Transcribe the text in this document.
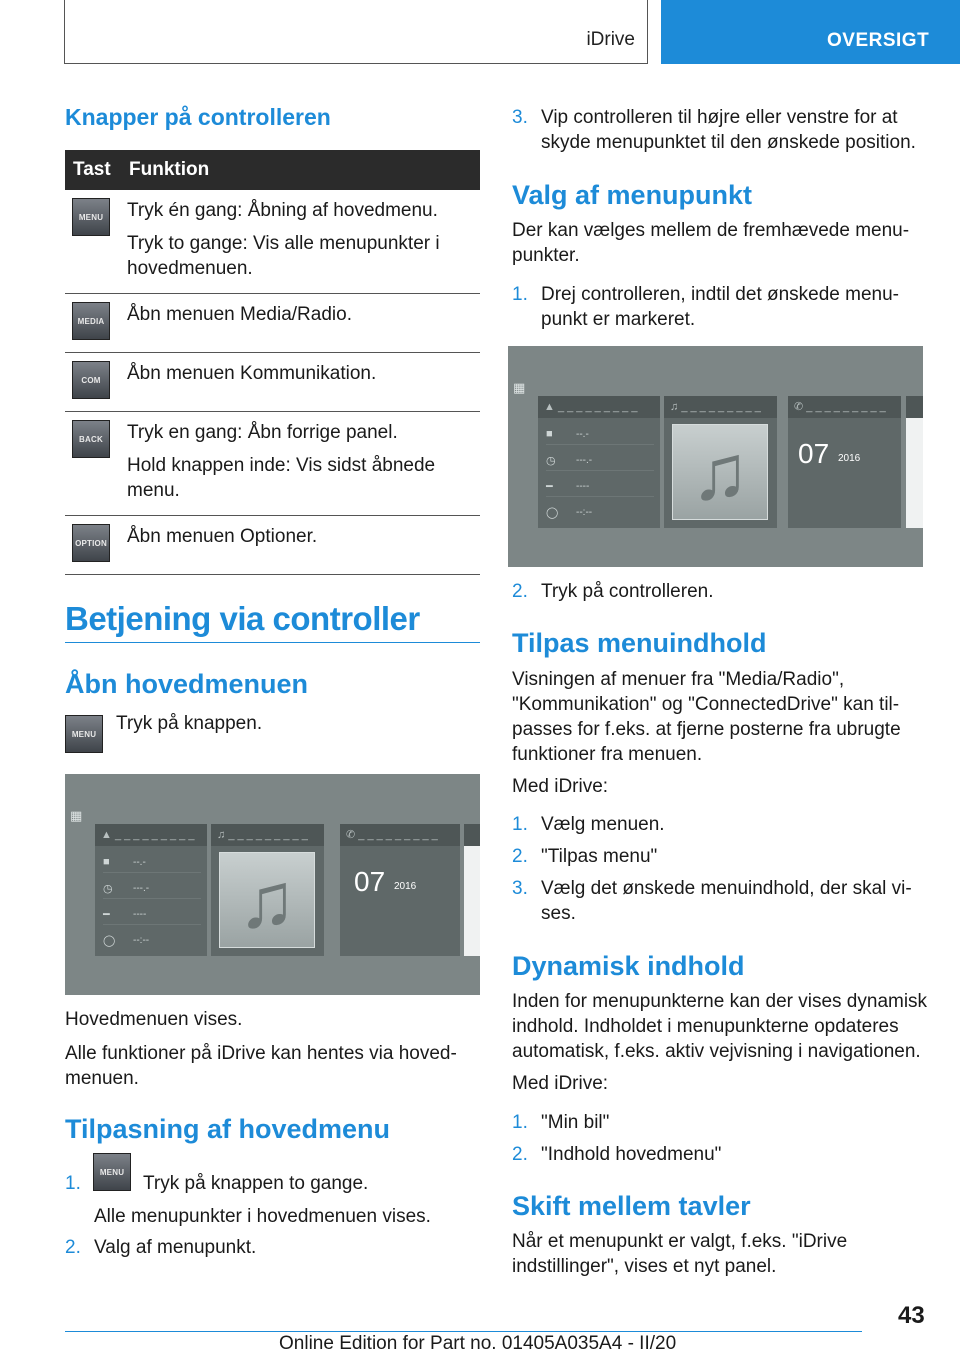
iDrive	OVERSIGT
Knapper på controlleren
Tast	Funktion

MENU	Tryk én gang: Åbning af hovedmenu.

Tryk to gange: Vis alle menupunkter i hovedmenuen.

MEDIA	Åbn menuen Media/Radio.

COM	Åbn menuen Kommunikation.

BACK	Tryk en gang: Åbn forrige panel.

Hold knappen inde: Vis sidst åbnede menu.

OPTION	Åbn menuen Optioner.

Betjening via controller
Åbn hovedmenuen
MENU	Tryk på knappen.
▦
▲ _ _ _ _ _ _ _ _ _
■ --.-
◷ ---.-
━ ----
◯ --:--
♫ _ _ _ _ _ _ _ _ _
♫
✆ _ _ _ _ _ _ _ _ _
07 2016
Hovedmenuen vises.
Alle funktioner på iDrive kan hentes via hoved-menuen.
Tilpasning af hovedmenu
1.
MENU
Tryk på knappen to gange.
Alle menupunkter i hovedmenuen vises.
2. Valg af menupunkt.
3. Vip controlleren til højre eller venstre for at skyde menupunktet til den ønskede position.
Valg af menupunkt
Der kan vælges mellem de fremhævede menu-punkter.
1. Drej controlleren, indtil det ønskede menu-punkt er markeret.
▦
▲ _ _ _ _ _ _ _ _ _
■ --.-
◷ ---.-
━ ----
◯ --:--
♫ _ _ _ _ _ _ _ _ _
♫
✆ _ _ _ _ _ _ _ _ _
07 2016
2. Tryk på controlleren.
Tilpas menuindhold
Visningen af menuer fra "Media/Radio", "Kommunikation" og "ConnectedDrive" kan til-passes for f.eks. at fjerne posterne fra ubrugte funktioner fra menuen.
Med iDrive:
1. Vælg menuen.
2. "Tilpas menu"
3. Vælg det ønskede menuindhold, der skal vi-ses.
Dynamisk indhold
Inden for menupunkterne kan der vises dynamisk indhold. Indholdet i menupunkterne opdateres automatisk, f.eks. aktiv vejvisning i navigationen.
Med iDrive:
1. "Min bil"
2. "Indhold hovedmenu"
Skift mellem tavler
Når et menupunkt er valgt, f.eks. "iDrive indstillinger", vises et nyt panel.
43
Online Edition for Part no. 01405A035A4 - II/20
